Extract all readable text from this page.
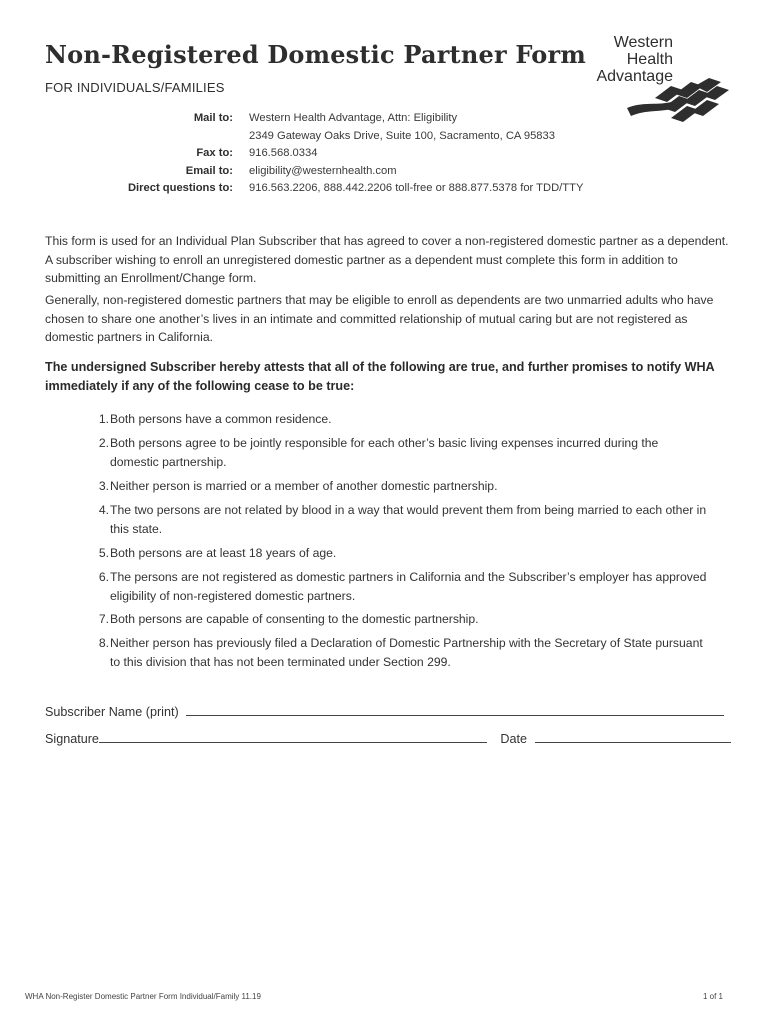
Non-Registered Domestic Partner Form
FOR INDIVIDUALS/FAMILIES
Western
Health
Advantage
Mail to: Western Health Advantage, Attn: Eligibility
2349 Gateway Oaks Drive, Suite 100, Sacramento, CA 95833
Fax to: 916.568.0334
Email to: eligibility@westernhealth.com
Direct questions to: 916.563.2206, 888.442.2206 toll-free or 888.877.5378 for TDD/TTY

This form is used for an Individual Plan Subscriber that has agreed to cover a non-registered domestic partner as a dependent. A subscriber wishing to enroll an unregistered domestic partner as a dependent must complete this form in addition to submitting an Enrollment/Change form.

Generally, non-registered domestic partners that may be eligible to enroll as dependents are two unmarried adults who have chosen to share one another’s lives in an intimate and committed relationship of mutual caring but are not registered as domestic partners in California.

The undersigned Subscriber hereby attests that all of the following are true, and further promises to notify WHA immediately if any of the following cease to be true:

1. Both persons have a common residence.
2. Both persons agree to be jointly responsible for each other’s basic living expenses incurred during the domestic partnership.
3. Neither person is married or a member of another domestic partnership.
4. The two persons are not related by blood in a way that would prevent them from being married to each other in this state.
5. Both persons are at least 18 years of age.
6. The persons are not registered as domestic partners in California and the Subscriber’s employer has approved eligibility of non-registered domestic partners.
7. Both persons are capable of consenting to the domestic partnership.
8. Neither person has previously filed a Declaration of Domestic Partnership with the Secretary of State pursuant to this division that has not been terminated under Section 299.
Subscriber Name (print)
Signature	Date
WHA Non-Register Domestic Partner Form Individual/Family 11.19	1 of 1
